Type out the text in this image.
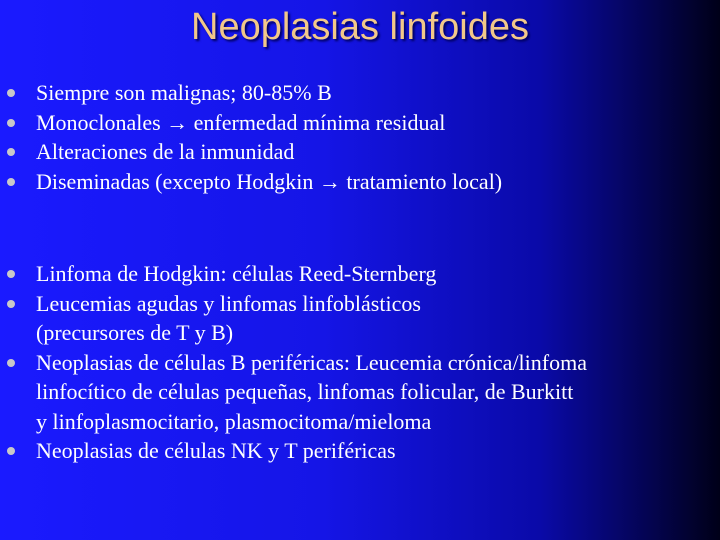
Neoplasias linfoides
Siempre son malignas; 80-85% B
Monoclonales → enfermedad mínima residual
Alteraciones de la inmunidad
Diseminadas (excepto Hodgkin → tratamiento local)
Linfoma de Hodgkin: células Reed-Sternberg
Leucemias agudas y linfomas linfoblásticos
(precursores de T y B)
Neoplasias de células B periféricas: Leucemia crónica/linfoma
linfocítico de células pequeñas, linfomas folicular, de Burkitt
y linfoplasmocitario, plasmocitoma/mieloma
Neoplasias de células NK y T periféricas
